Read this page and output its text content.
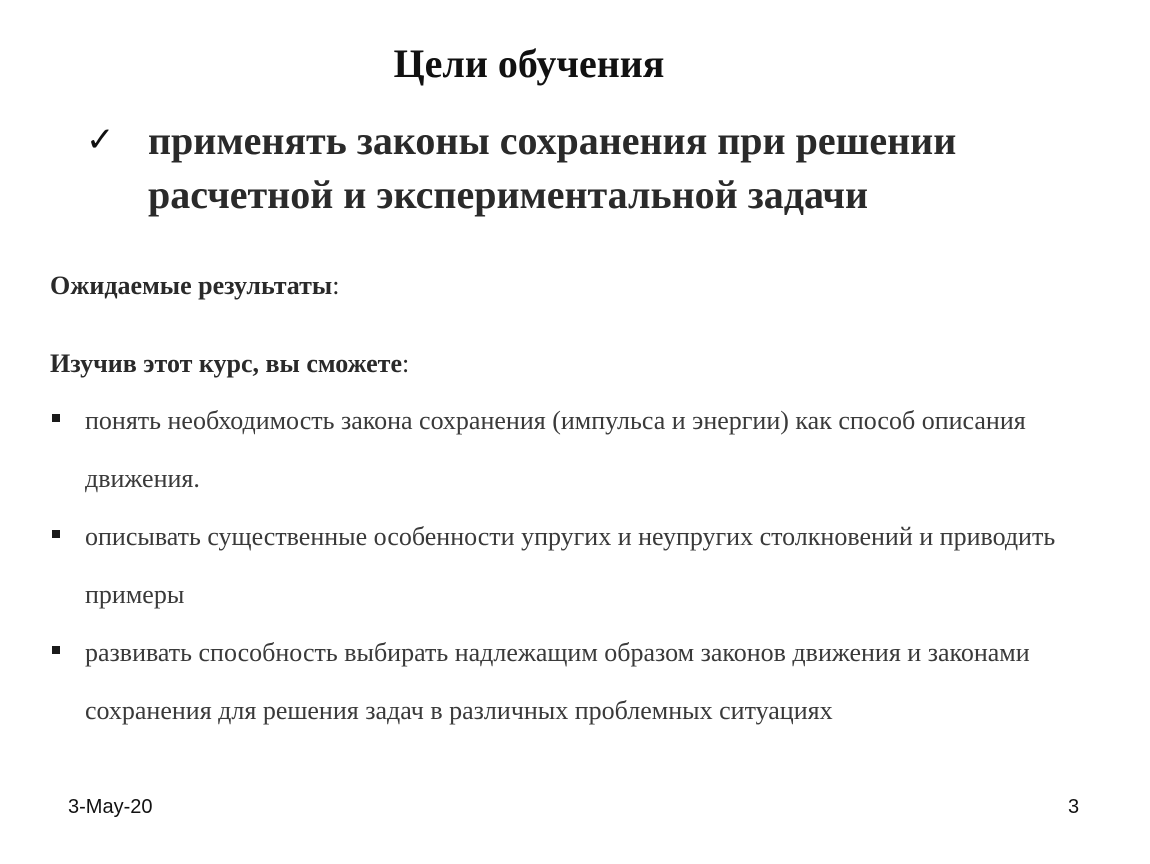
Цели обучения
✓ применять законы сохранения при решении расчетной и экспериментальной задачи
Ожидаемые результаты:
Изучив этот курс, вы сможете:
понять необходимость закона сохранения (импульса и энергии) как способ описания движения.
описывать существенные особенности упругих и неупругих столкновений и приводить примеры
развивать способность выбирать надлежащим образом законов движения и законами сохранения для решения задач в различных проблемных ситуациях
3-May-20	3
